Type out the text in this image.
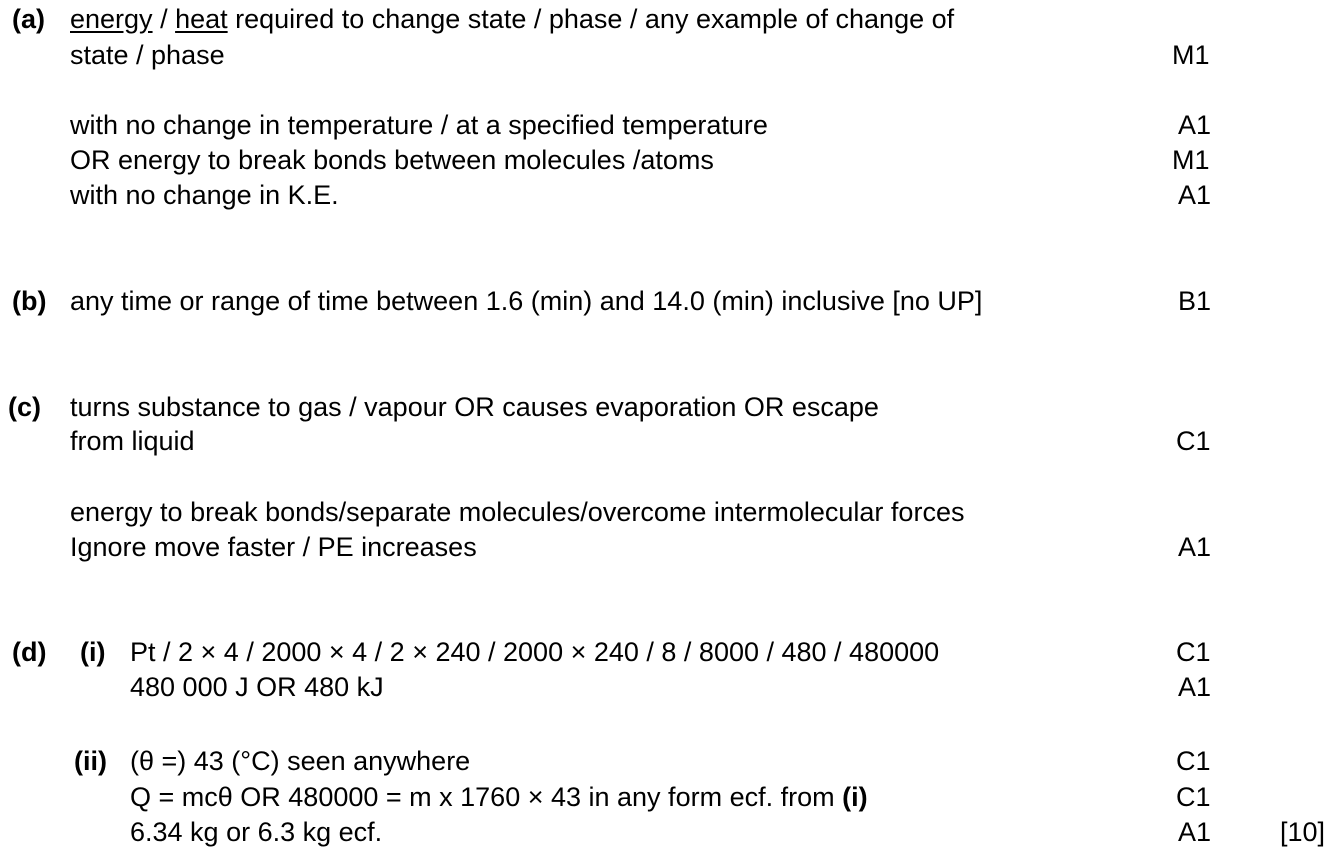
(a) energy / heat required to change state / phase / any example of change of
state / phase	M1
with no change in temperature / at a specified temperature	A1
OR energy to break bonds between molecules /atoms	M1
with no change in K.E.	A1
(b) any time or range of time between 1.6 (min) and 14.0 (min) inclusive [no UP]	B1
(c) turns substance to gas / vapour OR causes evaporation OR escape
from liquid	C1
energy to break bonds/separate molecules/overcome intermolecular forces
Ignore move faster / PE increases	A1
(d) (i) Pt / 2 × 4 / 2000 × 4 / 2 × 240 / 2000 × 240 / 8 / 8000 / 480 / 480000	C1
480 000 J OR 480 kJ	A1
(ii) (θ =) 43 (°C) seen anywhere	C1
Q = mcθ OR 480000 = m x 1760 × 43 in any form ecf. from (i)	C1
6.34 kg or 6.3 kg ecf.	A1	[10]
